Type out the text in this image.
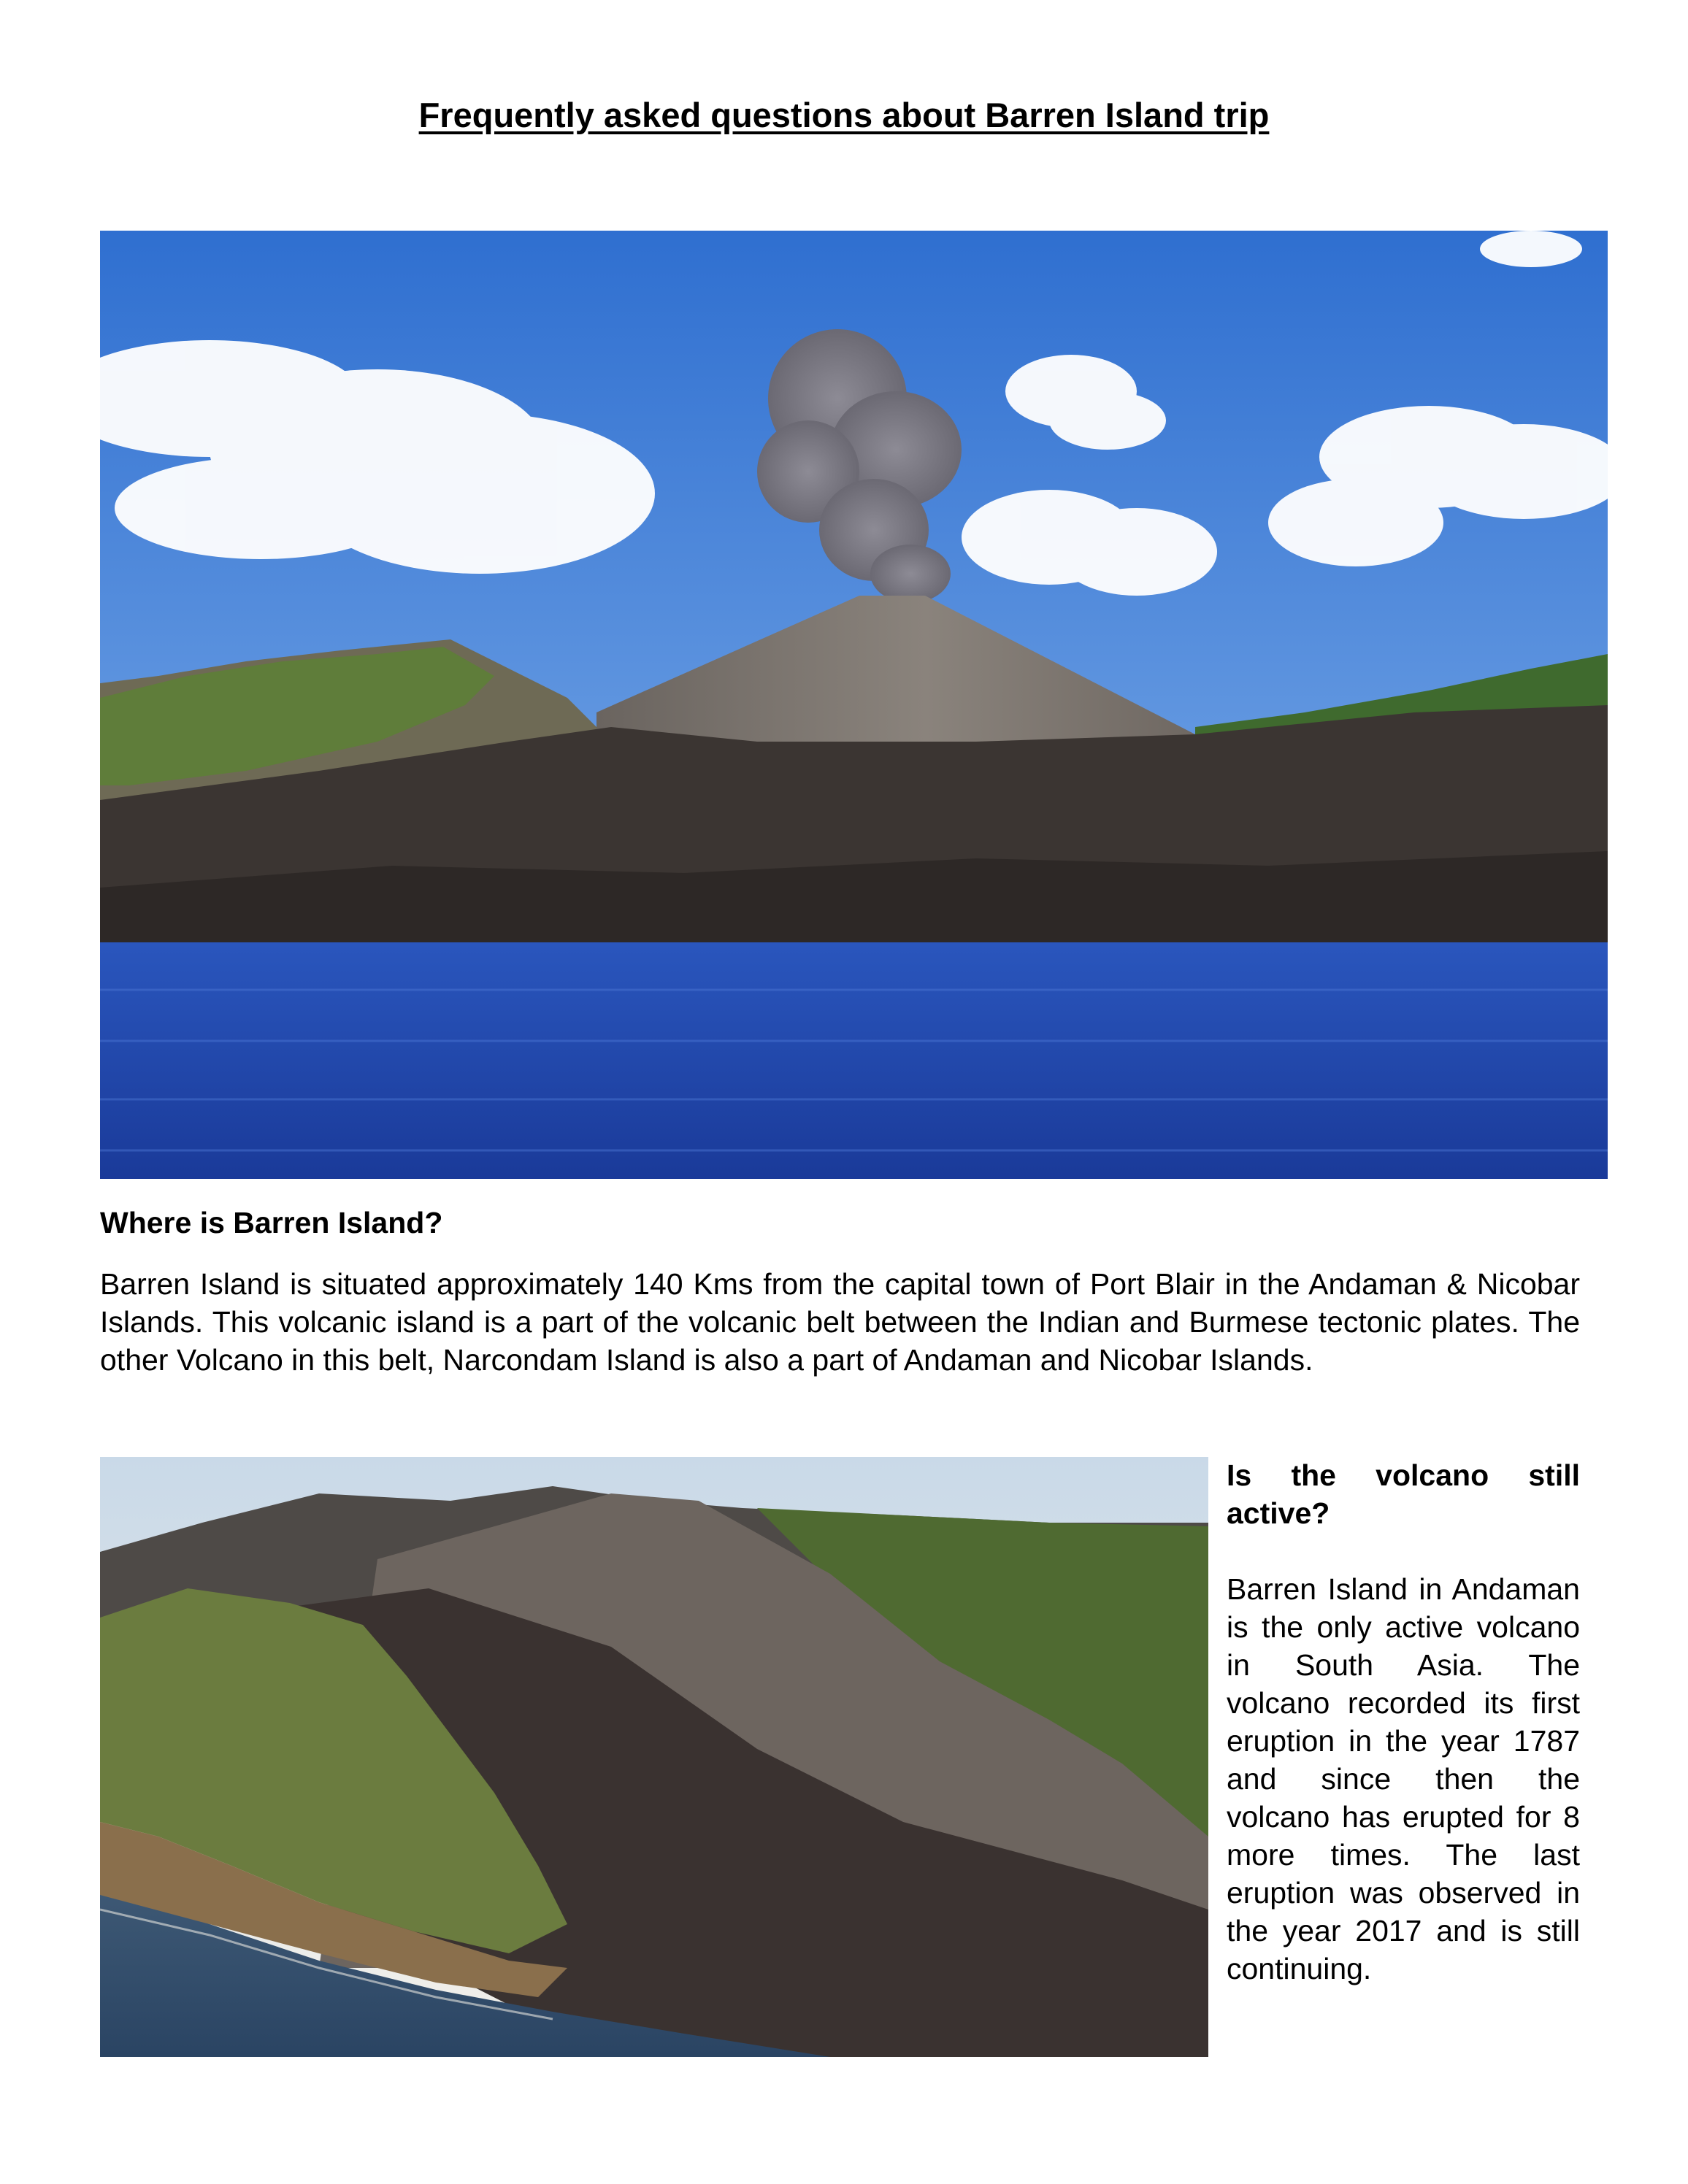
Frequently asked questions about Barren Island trip

Where is Barren Island?

Barren Island is situated approximately 140 Kms from the capital town of Port Blair in the Andaman & Nicobar Islands. This volcanic island is a part of the volcanic belt between the Indian and Burmese tectonic plates. The other Volcano in this belt, Narcondam Island is also a part of Andaman and Nicobar Islands.

Is the volcano still active?

Barren Island in Andaman is the only active volcano in South Asia. The volcano recorded its first eruption in the year 1787 and since then the volcano has erupted for 8 more times. The last eruption was observed in the year 2017 and is still continuing.
